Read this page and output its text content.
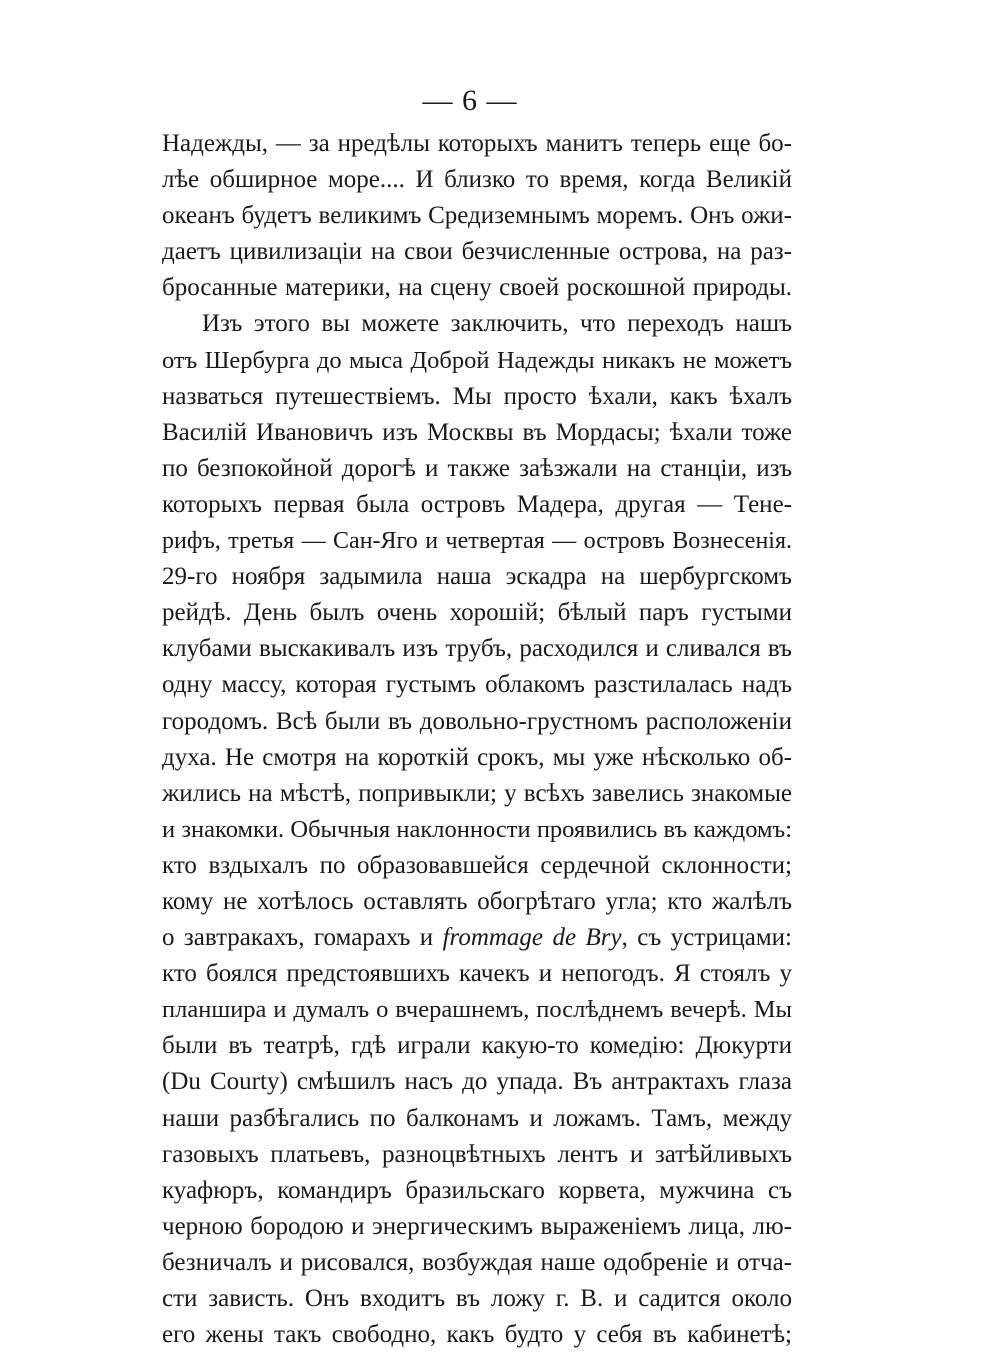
— 6 —
Надежды, — за нредѣлы которыхъ манитъ теперь еще бо-
лѣе обширное море.... И близко то время, когда Великій
океанъ будетъ великимъ Средиземнымъ моремъ. Онъ ожи-
даетъ цивилизаціи на свои безчисленные острова, на раз-
бросанные материки, на сцену своей роскошной природы.
Изъ этого вы можете заключить, что переходъ нашъ
отъ Шербурга до мыса Доброй Надежды никакъ не можетъ
назваться путешествіемъ. Мы просто ѣхали, какъ ѣхалъ
Василій Ивановичъ изъ Москвы въ Мордасы; ѣхали тоже
по безпокойной дорогѣ и также заѣзжали на станціи, изъ
которыхъ первая была островъ Мадера, другая — Тене-
рифъ, третья — Сан-Яго и четвертая — островъ Вознесенія.
29-го ноября задымила наша эскадра на шербургскомъ
рейдѣ. День былъ очень хорошій; бѣлый паръ густыми
клубами выскакивалъ изъ трубъ, расходился и сливался въ
одну массу, которая густымъ облакомъ разстилалась надъ
городомъ. Всѣ были въ довольно-грустномъ расположеніи
духа. Не смотря на короткій срокъ, мы уже нѣсколько об-
жились на мѣстѣ, попривыкли; у всѣхъ завелись знакомые
и знакомки. Обычныя наклонности проявились въ каждомъ:
кто вздыхалъ по образовавшейся сердечной склонности;
кому не хотѣлось оставлять обогрѣтаго угла; кто жалѣлъ
о завтракахъ, гомарахъ и frommage de Bry, съ устрицами:
кто боялся предстоявшихъ качекъ и непогодъ. Я стоялъ у
планшира и думалъ о вчерашнемъ, послѣднемъ вечерѣ. Мы
были въ театрѣ, гдѣ играли какую-то комедію: Дюкурти
(Du Courty) смѣшилъ насъ до упада. Въ антрактахъ глаза
наши разбѣгались по балконамъ и ложамъ. Тамъ, между
газовыхъ платьевъ, разноцвѣтныхъ лентъ и затѣйливыхъ
куафюръ, командиръ бразильскаго корвета, мужчина съ
черною бородою и энергическимъ выраженіемъ лица, лю-
безничалъ и рисовался, возбуждая наше одобреніе и отча-
сти зависть. Онъ входитъ въ ложу г. В. и садится около
его жены такъ свободно, какъ будто у себя въ кабинетѣ;
